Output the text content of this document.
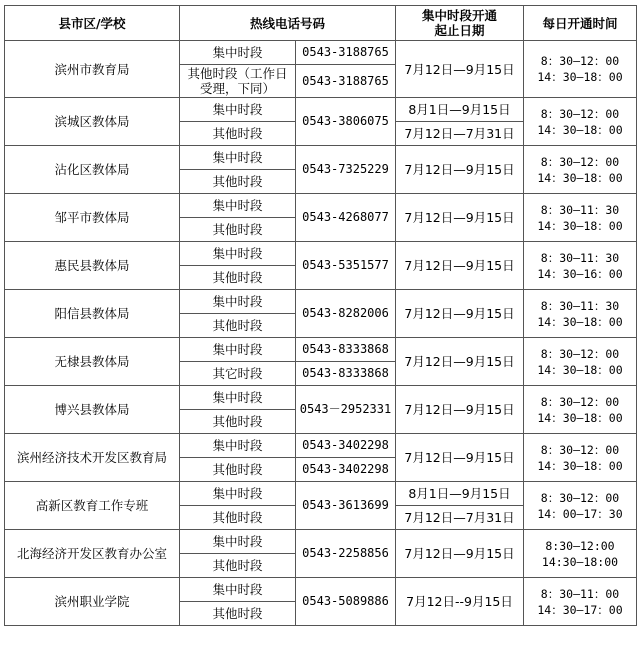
县市区/学校	热线电话号码		集中时段开通
起止日期	每日开通时间
滨州市教育局	集中时段	0543-3188765	7月12日—9月15日	8：30—12：00
14：30—18：00
	其他时段（工作日
受理，下同）	0543-3188765		
滨城区教体局	集中时段	0543-3806075	8月1日—9月15日	8：30—12：00
14：30—18：00
	其他时段		7月12日—7月31日	
沾化区教体局	集中时段	0543-7325229	7月12日—9月15日	8：30—12：00
14：30—18：00
	其他时段			
邹平市教体局	集中时段	0543-4268077	7月12日—9月15日	8：30—11：30
14：30—18：00
	其他时段			
惠民县教体局	集中时段	0543-5351577	7月12日—9月15日	8：30—11：30
14：30—16：00
	其他时段			
阳信县教体局	集中时段	0543-8282006	7月12日—9月15日	8：30—11：30
14：30—18：00
	其他时段			
无棣县教体局	集中时段	0543-8333868	7月12日—9月15日	8：30—12：00
14：30—18：00
	其它时段	0543-8333868		
博兴县教体局	集中时段	0543－2952331	7月12日—9月15日	8：30—12：00
14：30—18：00
	其他时段			
滨州经济技术开发区教育局	集中时段	0543-3402298	7月12日—9月15日	8：30—12：00
14：30—18：00
	其他时段	0543-3402298		
高新区教育工作专班	集中时段	0543-3613699	8月1日—9月15日	8：30—12：00
14：00—17：30
	其他时段		7月12日—7月31日	
北海经济开发区教育办公室	集中时段	0543-2258856	7月12日—9月15日	8:30—12:00
14:30—18:00
	其他时段			
滨州职业学院	集中时段	0543-5089886	7月12日--9月15日	8：30—11：00
14：30—17：00
	其他时段			
